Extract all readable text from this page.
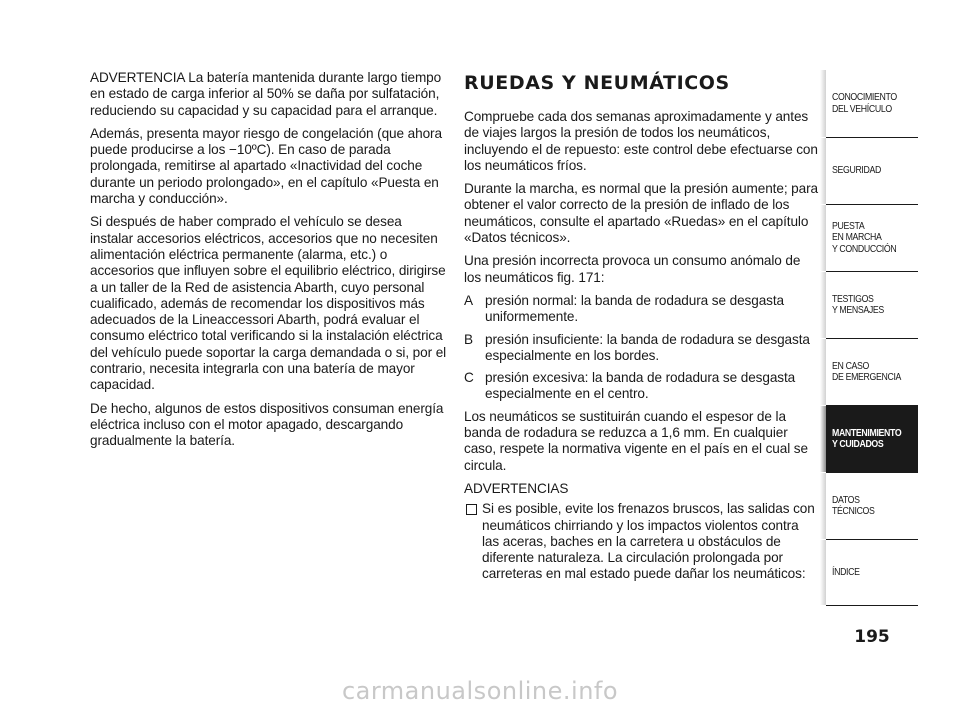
ADVERTENCIA La batería mantenida durante largo tiempo en estado de carga inferior al 50% se daña por sulfatación, reduciendo su capacidad y su capacidad para el arranque.

Además, presenta mayor riesgo de congelación (que ahora puede producirse a los −10ºC). En caso de parada prolongada, remitirse al apartado «Inactividad del coche durante un periodo prolongado», en el capítulo «Puesta en marcha y conducción».

Si después de haber comprado el vehículo se desea instalar accesorios eléctricos, accesorios que no necesiten alimentación eléctrica permanente (alarma, etc.) o accesorios que influyen sobre el equilibrio eléctrico, dirigirse a un taller de la Red de asistencia Abarth, cuyo personal cualificado, además de recomendar los dispositivos más adecuados de la Lineaccessori Abarth, podrá evaluar el consumo eléctrico total verificando si la instalación eléctrica del vehículo puede soportar la carga demandada o si, por el contrario, necesita integrarla con una batería de mayor capacidad.

De hecho, algunos de estos dispositivos consuman energía eléctrica incluso con el motor apagado, descargando gradualmente la batería.

RUEDAS Y NEUMÁTICOS

Compruebe cada dos semanas aproximadamente y antes de viajes largos la presión de todos los neumáticos, incluyendo el de repuesto: este control debe efectuarse con los neumáticos fríos.

Durante la marcha, es normal que la presión aumente; para obtener el valor correcto de la presión de inflado de los neumáticos, consulte el apartado «Ruedas» en el capítulo «Datos técnicos».

Una presión incorrecta provoca un consumo anómalo de los neumáticos fig. 171:

A presión normal: la banda de rodadura se desgasta uniformemente.
B presión insuficiente: la banda de rodadura se desgasta especialmente en los bordes.
C presión excesiva: la banda de rodadura se desgasta especialmente en el centro.

Los neumáticos se sustituirán cuando el espesor de la banda de rodadura se reduzca a 1,6 mm. En cualquier caso, respete la normativa vigente en el país en el cual se circula.

ADVERTENCIAS

Si es posible, evite los frenazos bruscos, las salidas con neumáticos chirriando y los impactos violentos contra las aceras, baches en la carretera u obstáculos de diferente naturaleza. La circulación prolongada por carreteras en mal estado puede dañar los neumáticos:
CONOCIMIENTO
DEL VEHÍCULO
SEGURIDAD
PUESTA
EN MARCHA
Y CONDUCCIÓN
TESTIGOS
Y MENSAJES
EN CASO
DE EMERGENCIA
MANTENIMIENTO
Y CUIDADOS
DATOS TÉCNICOS
ÍNDICE
195
carmanualsonline.info
